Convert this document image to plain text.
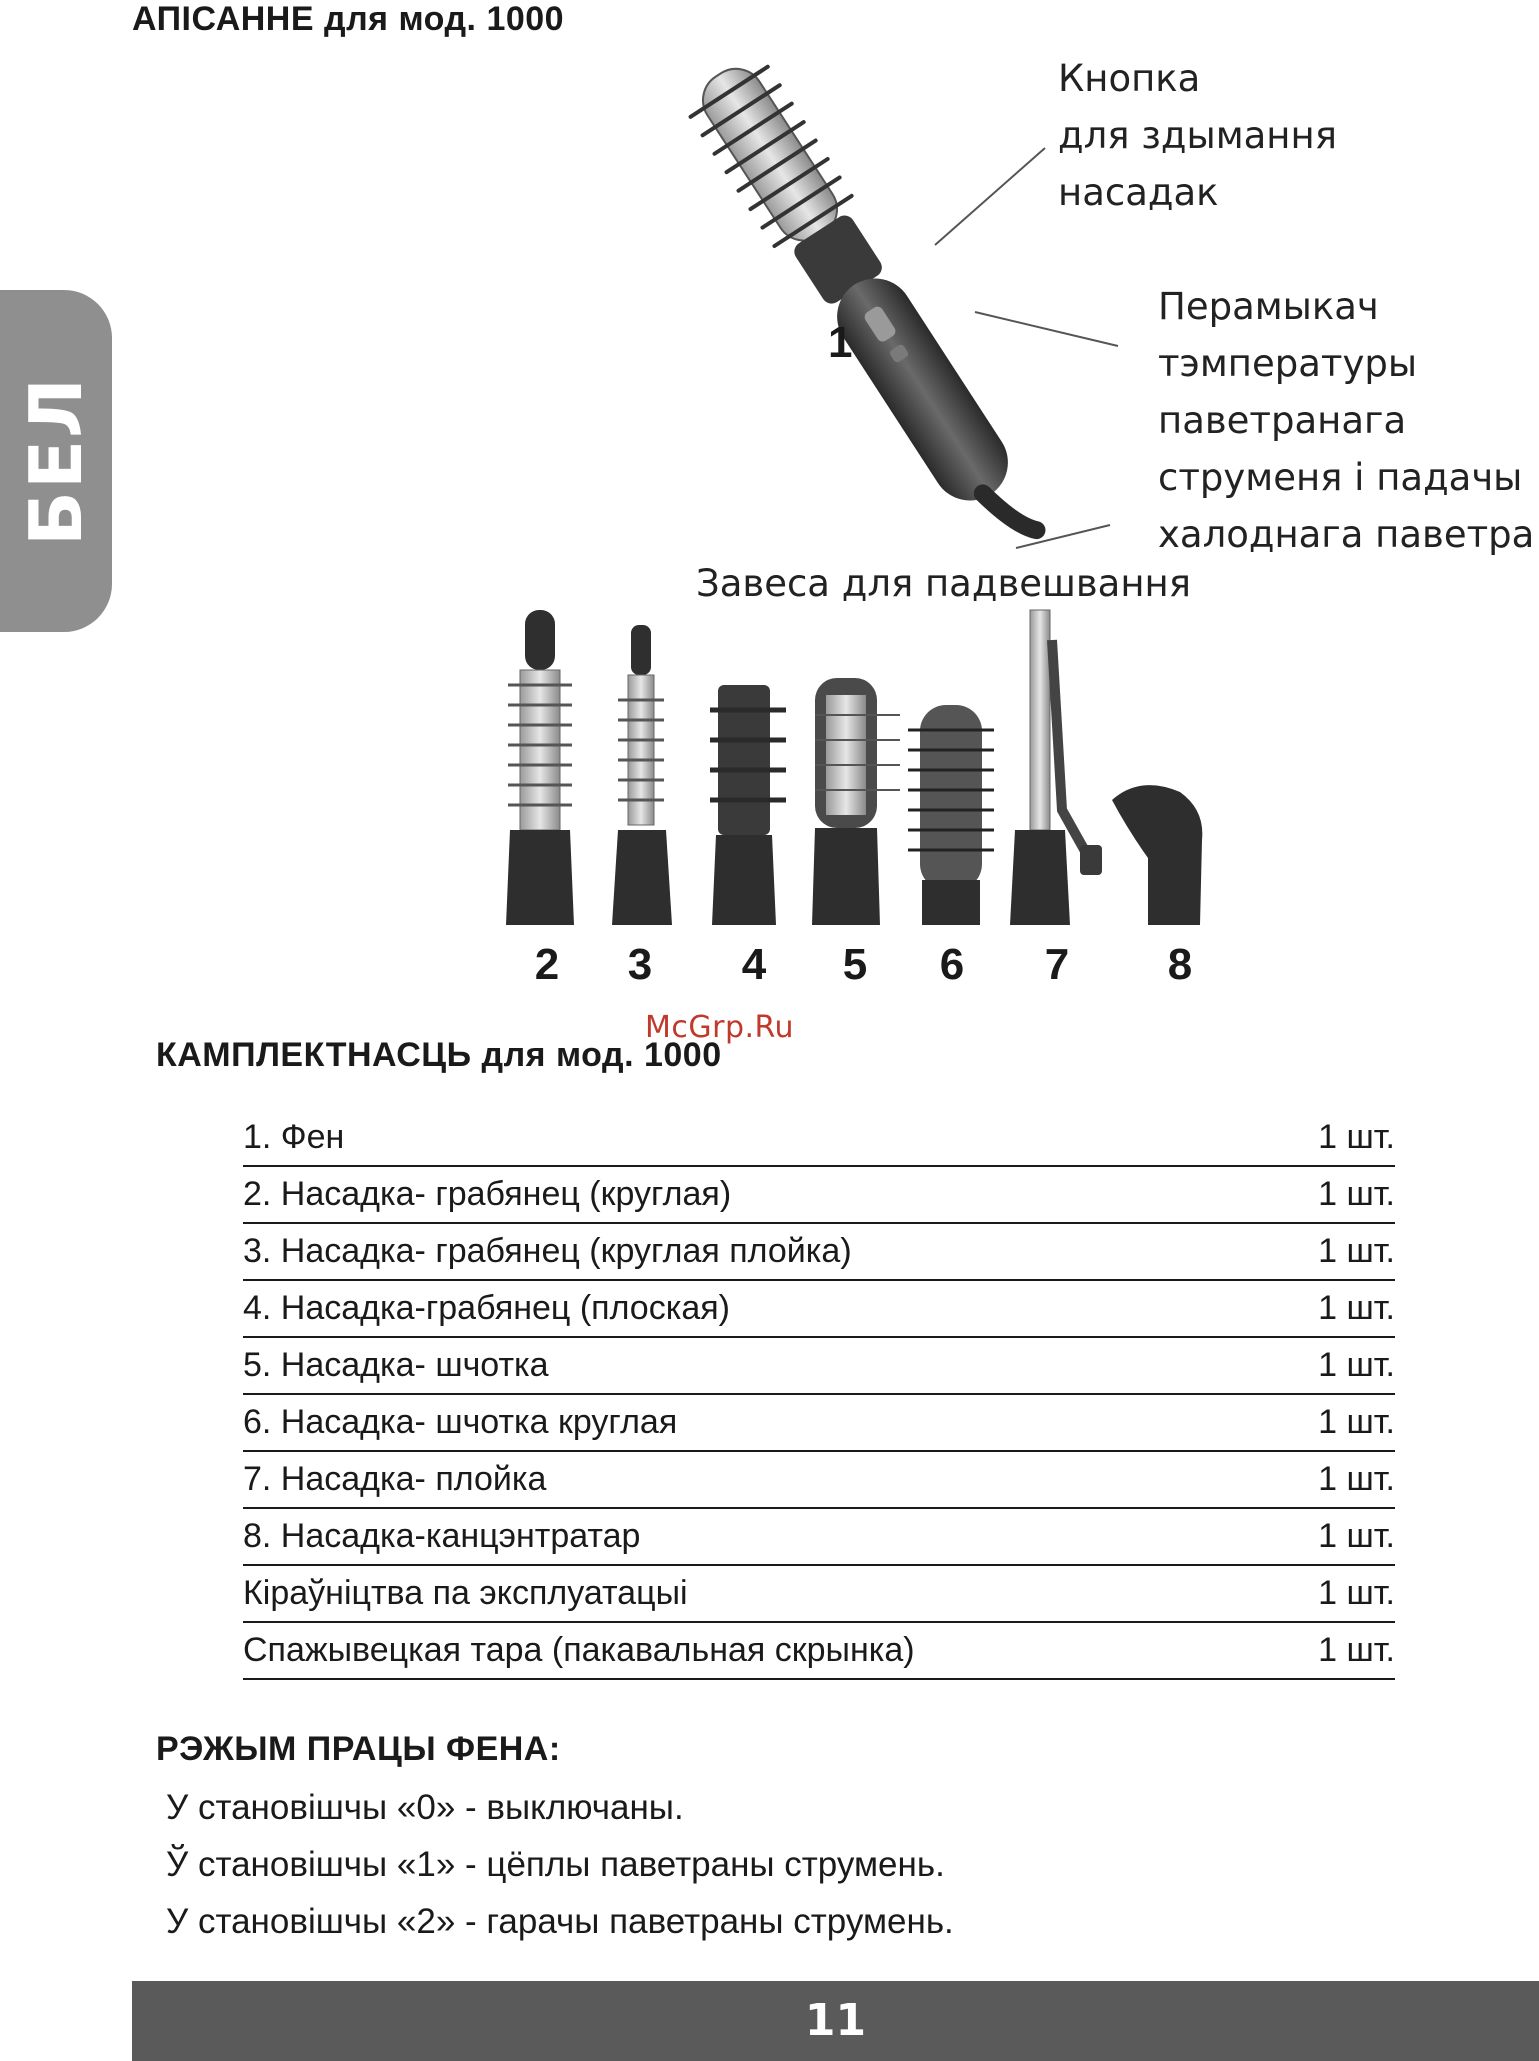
АПІСАННЕ для мод. 1000
БЕЛ
Кнопка
для здымання
насадак
1
Перамыкач
тэмпературы
паветранага
струменя і падачы
халоднага паветра
Завеса для падвешвання
2	3	4	5	6	7	8
McGrp.Ru
КАМПЛЕКТНАСЦЬ для мод. 1000
1. Фен	1 шт.
2. Насадка- грабянец (круглая)	1 шт.
3. Насадка- грабянец (круглая плойка)	1 шт.
4. Насадка-грабянец (плоская)	1 шт.
5. Насадка- шчотка	1 шт.
6. Насадка- шчотка круглая	1 шт.
7. Насадка- плойка	1 шт.
8. Насадка-канцэнтратар	1 шт.
Кіраўніцтва па эксплуатацыі	1 шт.
Спажывецкая тара (пакавальная скрынка)	1 шт.
РЭЖЫМ ПРАЦЫ ФЕНА:
У становішчы «0» - выключаны.
Ў становішчы «1» - цёплы паветраны струмень.
У становішчы «2» - гарачы паветраны струмень.
11
